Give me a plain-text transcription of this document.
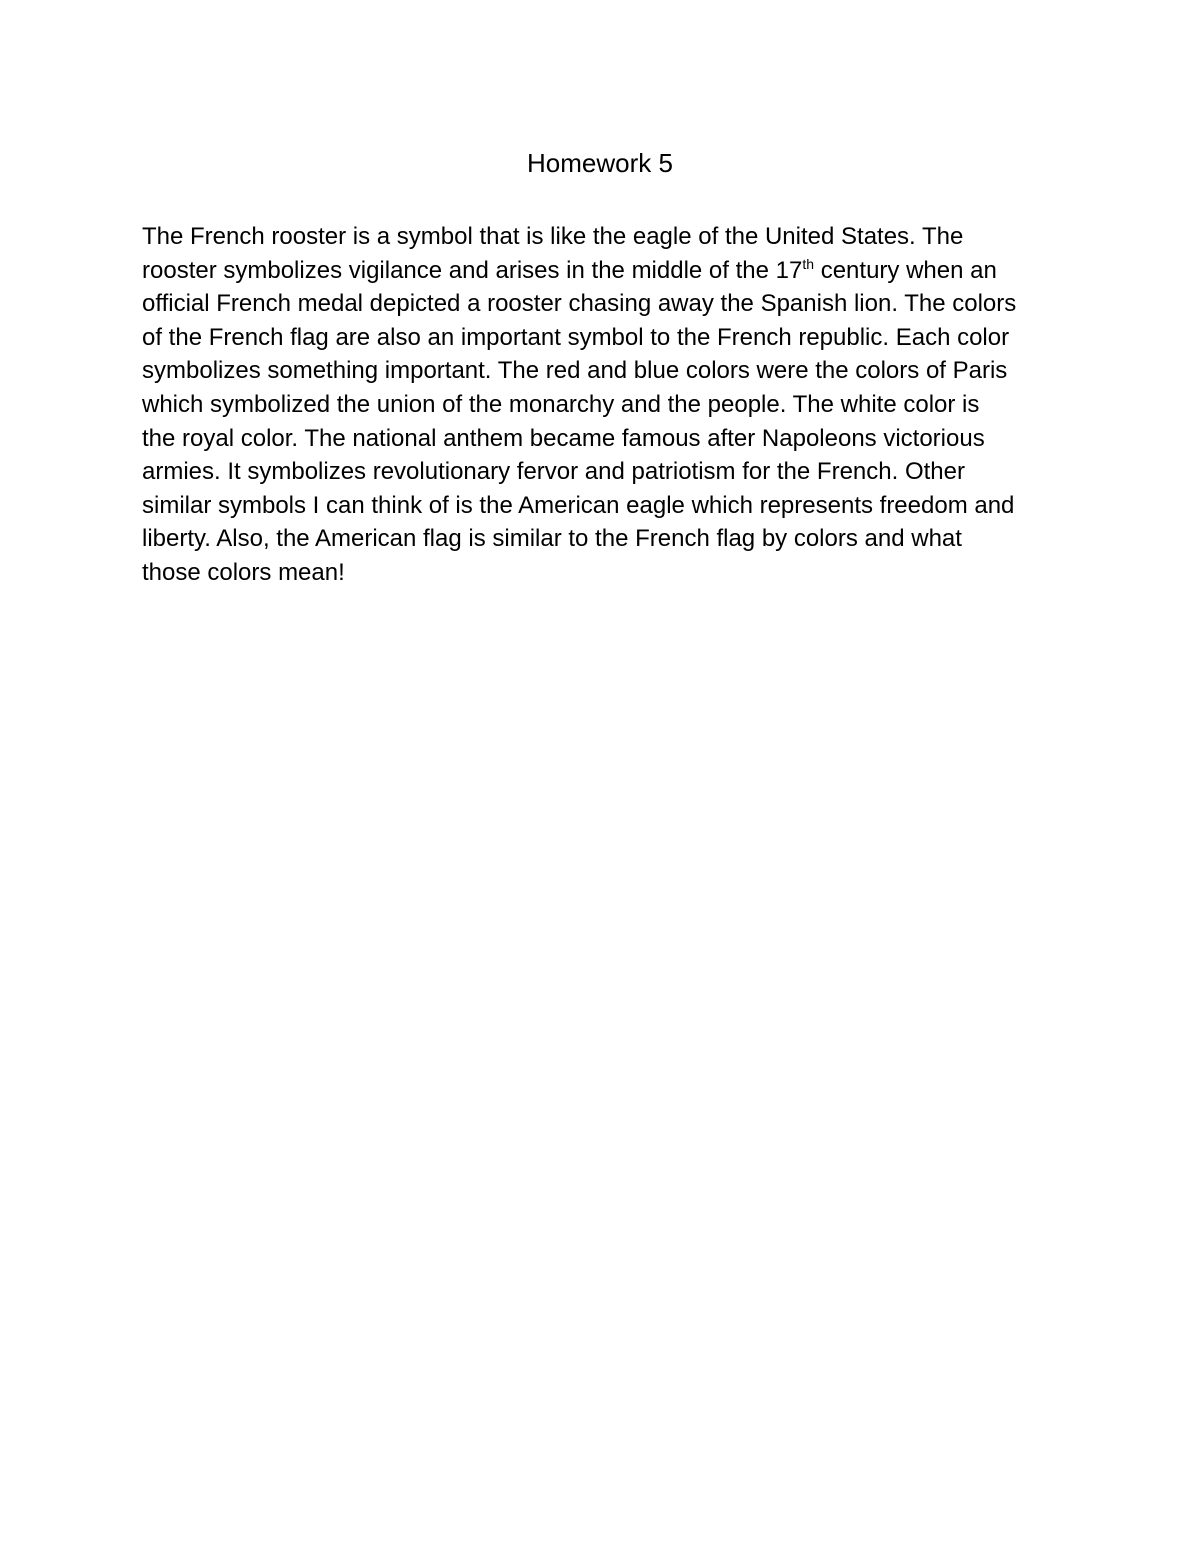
Homework 5
The French rooster is a symbol that is like the eagle of the United States. The
rooster symbolizes vigilance and arises in the middle of the 17th century when an
official French medal depicted a rooster chasing away the Spanish lion. The colors
of the French flag are also an important symbol to the French republic. Each color
symbolizes something important. The red and blue colors were the colors of Paris
which symbolized the union of the monarchy and the people. The white color is
the royal color. The national anthem became famous after Napoleons victorious
armies. It symbolizes revolutionary fervor and patriotism for the French. Other
similar symbols I can think of is the American eagle which represents freedom and
liberty. Also, the American flag is similar to the French flag by colors and what
those colors mean!
